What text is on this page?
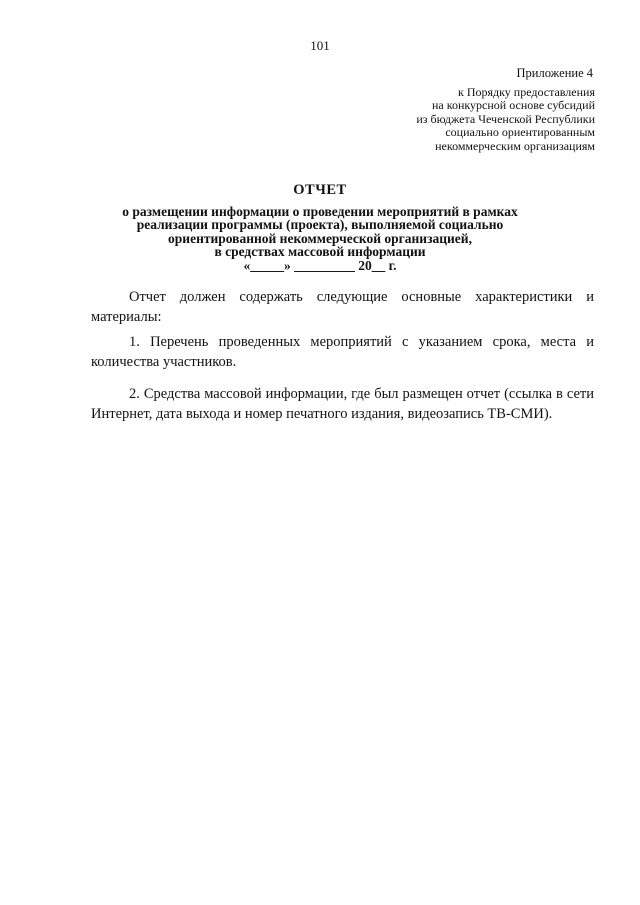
101
Приложение 4
к Порядку предоставления
на конкурсной основе субсидий
из бюджета Чеченской Республики
социально ориентированным
некоммерческим организациям
ОТЧЕТ
о размещении информации о проведении мероприятий в рамках
реализации программы (проекта), выполняемой социально
ориентированной некоммерческой организацией,
в средствах массовой информации
«_____» _________ 20__ г.

Отчет должен содержать следующие основные характеристики и материалы:

1. Перечень проведенных мероприятий с указанием срока, места и количества участников.

2. Средства массовой информации, где был размещен отчет (ссылка в сети Интернет, дата выхода и номер печатного издания, видеозапись ТВ-СМИ).
